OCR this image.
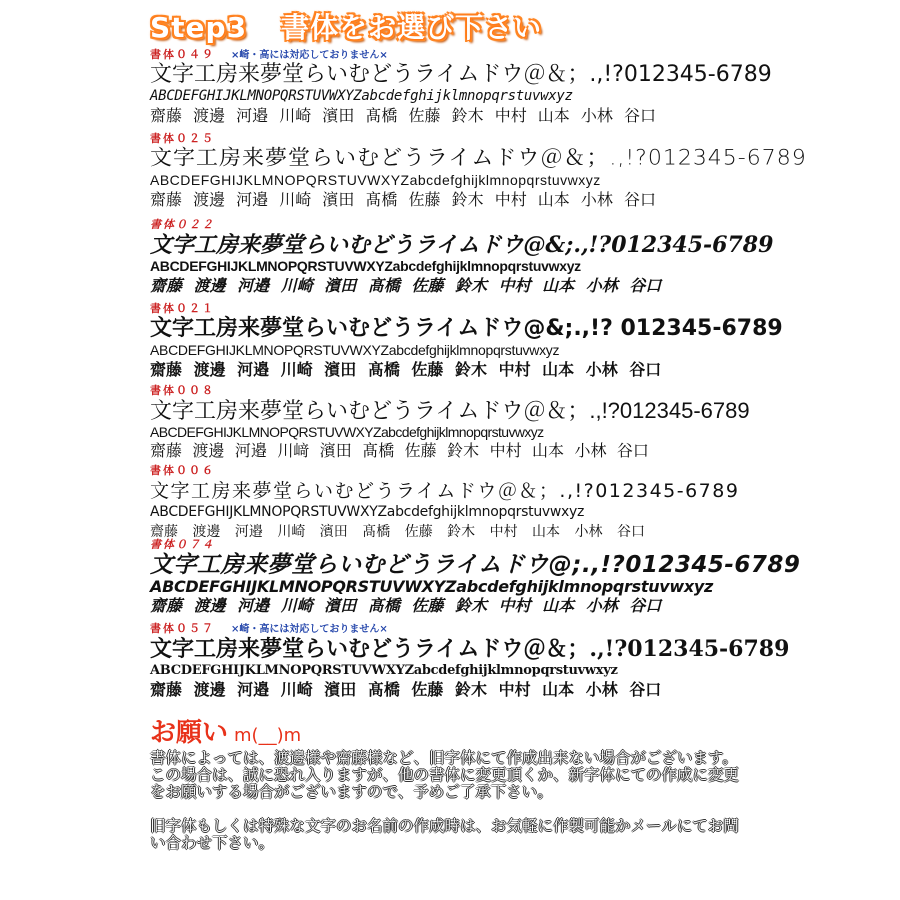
Step3 書体をお選び下さい
書体０４９ ×崎・高には対応しておりません×
文字工房来夢堂らいむどうライムドウ＠＆；.,!?012345-6789
ABCDEFGHIJKLMNOPQRSTUVWXYZabcdefghijklmnopqrstuvwxyz
齋藤 渡邊 河邉 川崎 濱田 髙橋 佐藤 鈴木 中村 山本 小林 谷口
書体０２５
文字工房来夢堂らいむどうライムドウ＠＆；.,!?012345-6789
ABCDEFGHIJKLMNOPQRSTUVWXYZabcdefghijklmnopqrstuvwxyz
齋藤 渡邊 河邉 川崎 濱田 髙橋 佐藤 鈴木 中村 山本 小林 谷口
書体０２２
文字工房来夢堂らいむどうライムドウ@&;.,!?012345-6789
ABCDEFGHIJKLMNOPQRSTUVWXYZabcdefghijklmnopqrstuvwxyz
齋藤 渡邊 河邉 川崎 濱田 髙橋 佐藤 鈴木 中村 山本 小林 谷口
書体０２１
文字工房来夢堂らいむどうライムドウ@&;.,!? 012345-6789
ABCDEFGHIJKLMNOPQRSTUVWXYZabcdefghijklmnopqrstuvwxyz
齋藤 渡邊 河邉 川崎 濱田 髙橋 佐藤 鈴木 中村 山本 小林 谷口
書体００８
文字工房来夢堂らいむどうライムドウ＠＆；.,!?012345-6789
ABCDEFGHIJKLMNOPQRSTUVWXYZabcdefghijklmnopqrstuvwxyz
齋藤 渡邊 河邉 川﨑 濱田 髙橋 佐藤 鈴木 中村 山本 小林 谷口
書体００６
文字工房来夢堂らいむどうライムドウ＠＆；.,!?012345-6789
ABCDEFGHIJKLMNOPQRSTUVWXYZabcdefghijklmnopqrstuvwxyz
齋藤 渡邊 河邉 川崎 濱田 髙橋 佐藤 鈴木 中村 山本 小林 谷口
書体０７４
文字工房来夢堂らいむどうライムドウ@;.,!?012345-6789
ABCDEFGHIJKLMNOPQRSTUVWXYZabcdefghijklmnopqrstuvwxyz
齋藤 渡邊 河邉 川崎 濱田 髙橋 佐藤 鈴木 中村 山本 小林 谷口
書体０５７ ×崎・高には対応しておりません×
文字工房来夢堂らいむどうライムドウ＠＆；.,!?012345-6789
ABCDEFGHIJKLMNOPQRSTUVWXYZabcdefghijklmnopqrstuvwxyz
齋藤 渡邊 河邉 川崎 濱田 髙橋 佐藤 鈴木 中村 山本 小林 谷口
お願い m(__)m

書体によっては、渡邊様や齋藤様など、旧字体にて作成出来ない場合がございます。

この場合は、誠に恐れ入りますが、他の書体に変更頂くか、新字体にての作成に変更をお願いする場合がございますので、予めご了承下さい。

旧字体もしくは特殊な文字のお名前の作成時は、お気軽に作製可能かメールにてお問い合わせ下さい。
